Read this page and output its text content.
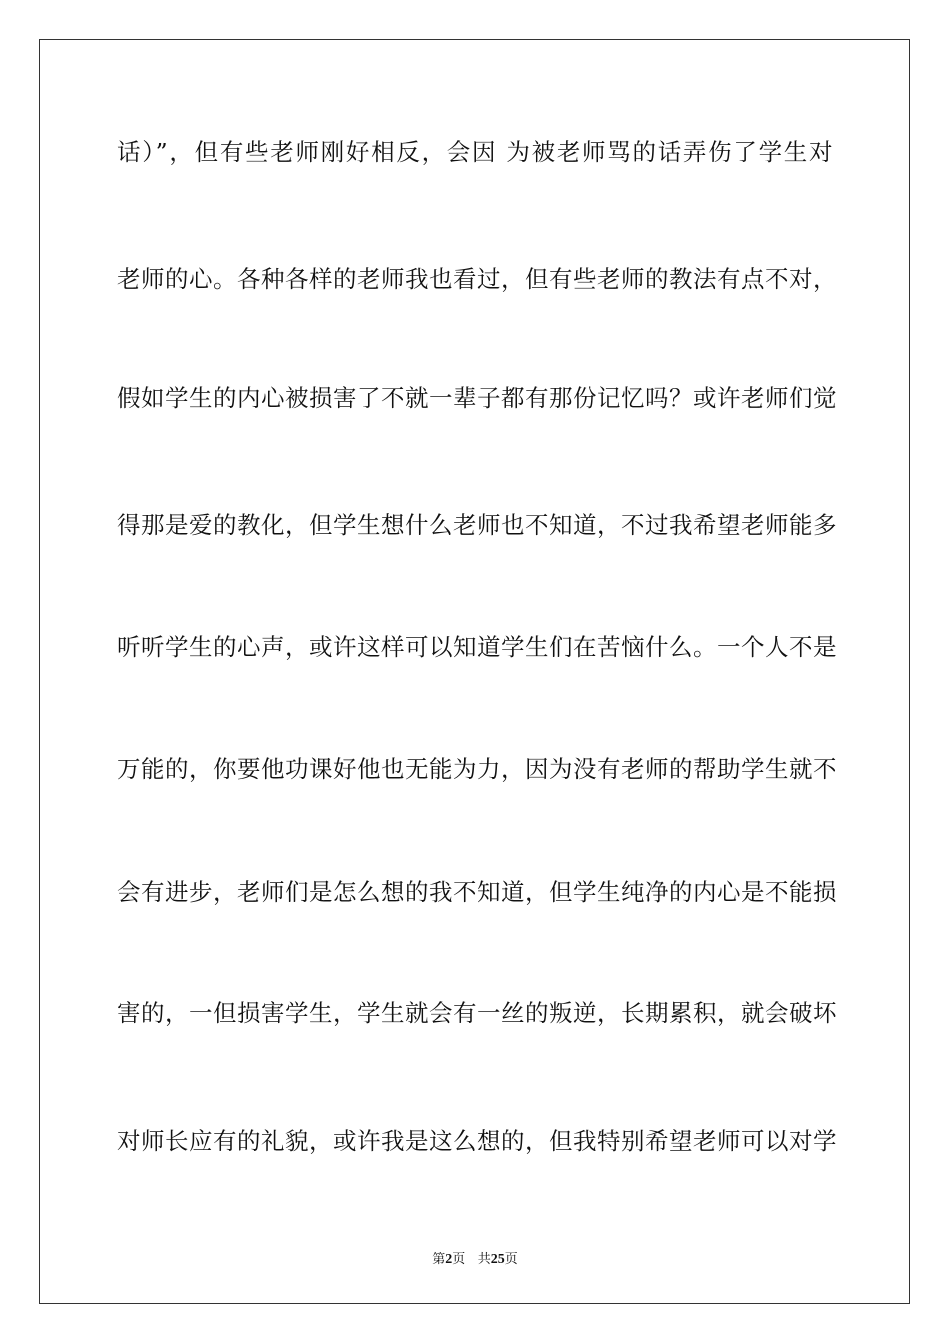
话）”，但有些老师刚好相反，会因 为被老师骂的话弄伤了学生对
老师的心。各种各样的老师我也看过，但有些老师的教法有点不对，
假如学生的内心被损害了不就一辈子都有那份记忆吗？或许老师们觉
得那是爱的教化，但学生想什么老师也不知道，不过我希望老师能多
听听学生的心声，或许这样可以知道学生们在苦恼什么。一个人不是
万能的，你要他功课好他也无能为力，因为没有老师的帮助学生就不
会有进步，老师们是怎么想的我不知道，但学生纯净的内心是不能损
害的，一但损害学生，学生就会有一丝的叛逆，长期累积，就会破坏
对师长应有的礼貌，或许我是这么想的，但我特别希望老师可以对学
第2页 共25页
